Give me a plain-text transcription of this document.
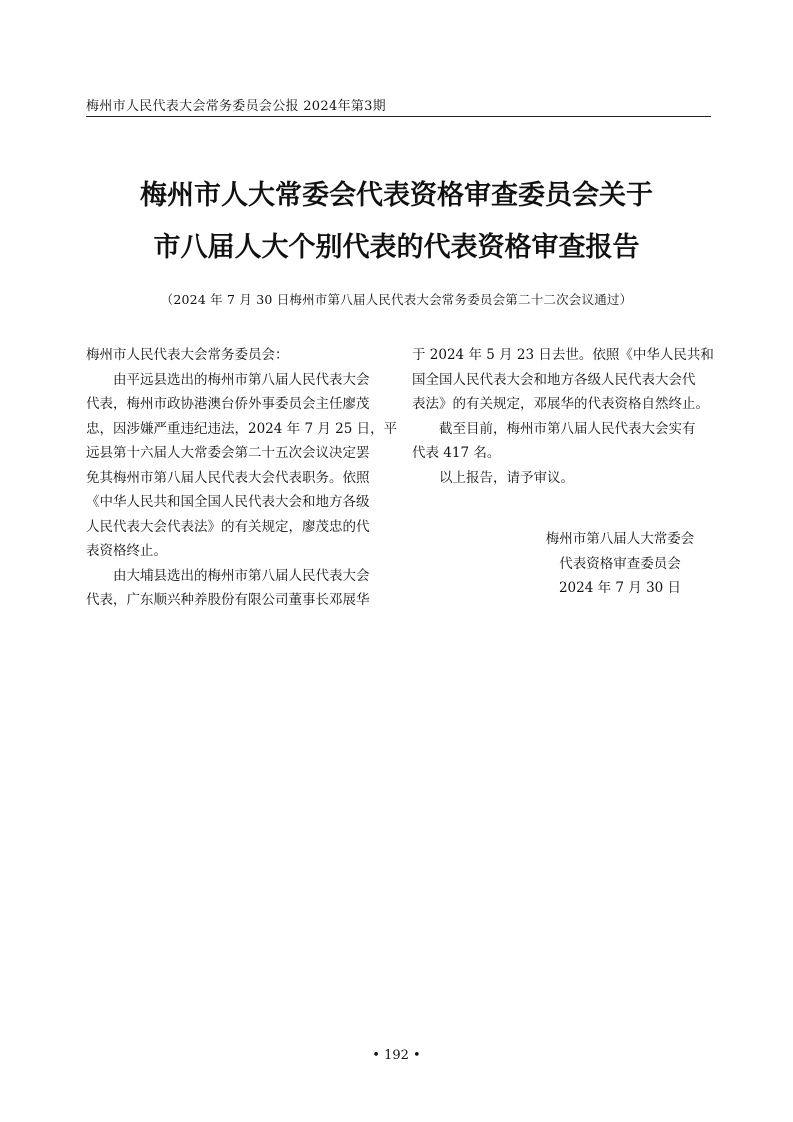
梅州市人民代表大会常务委员会公报 2024年第3期
梅州市人大常委会代表资格审查委员会关于
市八届人大个别代表的代表资格审查报告
（2024 年 7 月 30 日梅州市第八届人民代表大会常务委员会第二十二次会议通过）
梅州市人民代表大会常务委员会：
由平远县选出的梅州市第八届人民代表大会
代表，梅州市政协港澳台侨外事委员会主任廖茂
忠，因涉嫌严重违纪违法，2024 年 7 月 25 日，平
远县第十六届人大常委会第二十五次会议决定罢
免其梅州市第八届人民代表大会代表职务。依照
《中华人民共和国全国人民代表大会和地方各级
人民代表大会代表法》的有关规定，廖茂忠的代
表资格终止。
由大埔县选出的梅州市第八届人民代表大会
代表，广东顺兴种养股份有限公司董事长邓展华
于 2024 年 5 月 23 日去世。依照《中华人民共和
国全国人民代表大会和地方各级人民代表大会代
表法》的有关规定，邓展华的代表资格自然终止。
截至目前，梅州市第八届人民代表大会实有
代表 417 名。
以上报告，请予审议。
梅州市第八届人大常委会
代表资格审查委员会
2024 年 7 月 30 日
• 192 •
